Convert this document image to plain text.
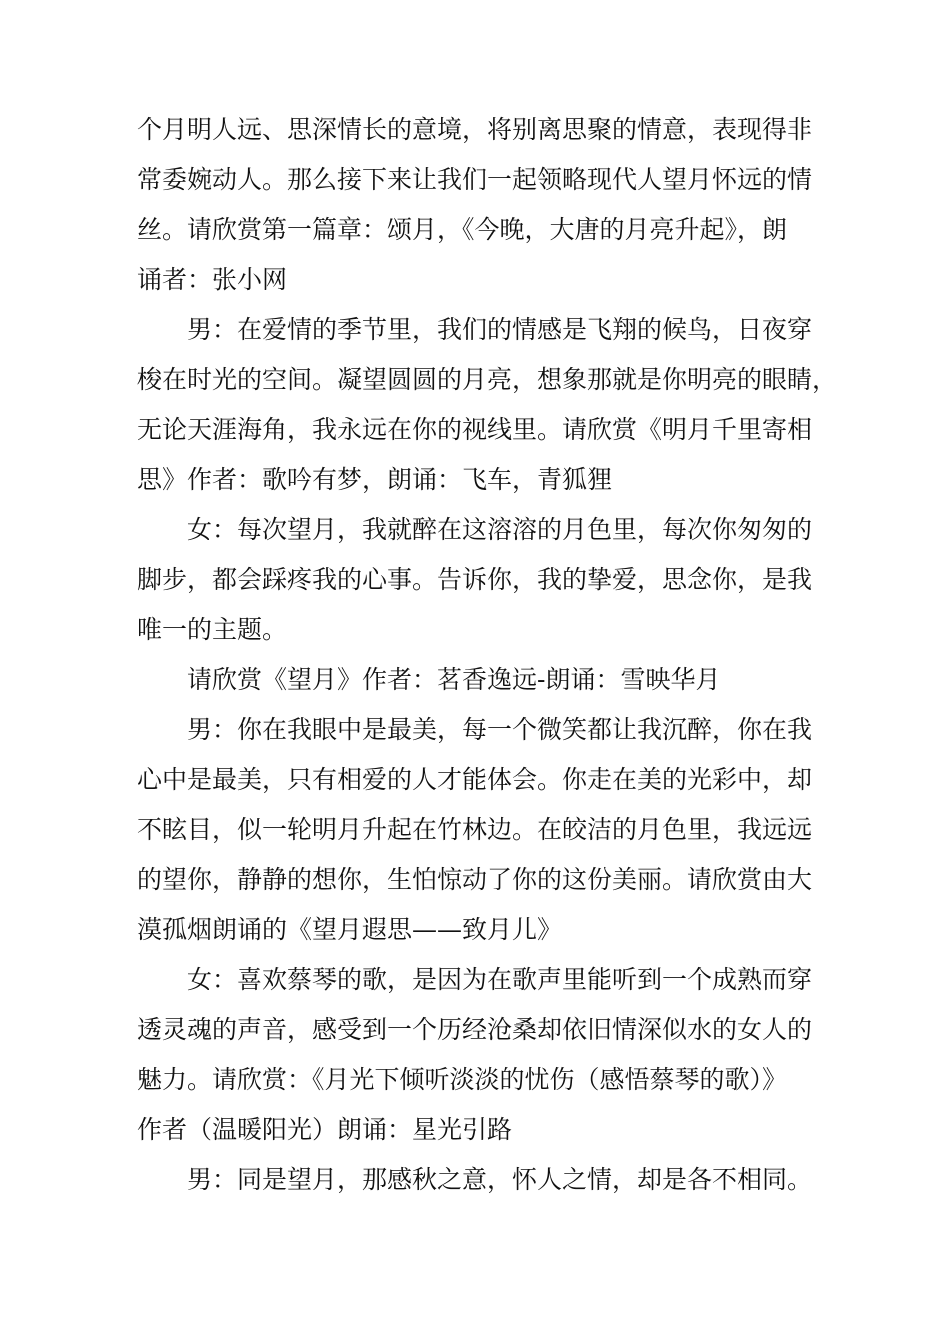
个月明人远、思深情长的意境，将别离思聚的情意，表现得非
常委婉动人。那么接下来让我们一起领略现代人望月怀远的情
丝。请欣赏第一篇章：颂月，《今晚，大唐的月亮升起》，朗
诵者：张小网
男：在爱情的季节里，我们的情感是飞翔的候鸟，日夜穿
梭在时光的空间。凝望圆圆的月亮，想象那就是你明亮的眼睛，
无论天涯海角，我永远在你的视线里。请欣赏《明月千里寄相
思》作者：歌吟有梦，朗诵：飞车，青狐狸
女：每次望月，我就醉在这溶溶的月色里，每次你匆匆的
脚步，都会踩疼我的心事。告诉你，我的挚爱，思念你，是我
唯一的主题。
请欣赏《望月》作者：茗香逸远-朗诵：雪映华月
男：你在我眼中是最美，每一个微笑都让我沉醉，你在我
心中是最美，只有相爱的人才能体会。你走在美的光彩中，却
不眩目，似一轮明月升起在竹林边。在皎洁的月色里，我远远
的望你，静静的想你，生怕惊动了你的这份美丽。请欣赏由大
漠孤烟朗诵的《望月遐思——致月儿》
女：喜欢蔡琴的歌，是因为在歌声里能听到一个成熟而穿
透灵魂的声音，感受到一个历经沧桑却依旧情深似水的女人的
魅力。请欣赏：《月光下倾听淡淡的忧伤（感悟蔡琴的歌）》
作者（温暖阳光）朗诵：星光引路
男：同是望月，那感秋之意，怀人之情，却是各不相同。
